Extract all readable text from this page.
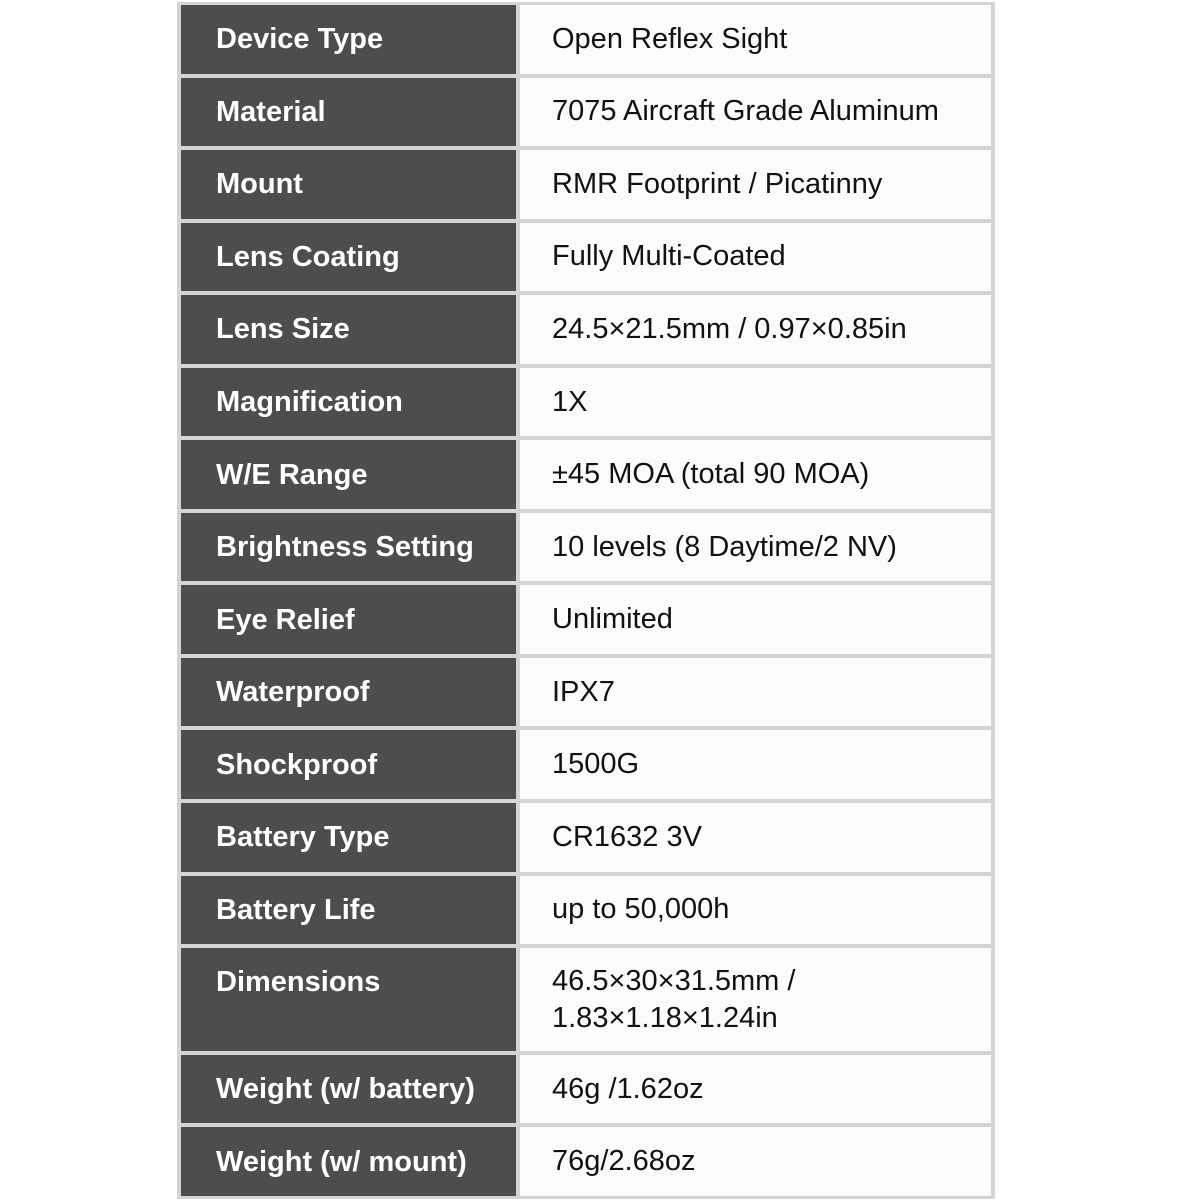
Device Type	Open Reflex Sight
Material	7075 Aircraft Grade Aluminum
Mount	RMR Footprint / Picatinny
Lens Coating	Fully Multi-Coated
Lens Size	24.5×21.5mm / 0.97×0.85in
Magnification	1X
W/E Range	±45 MOA (total 90 MOA)
Brightness Setting	10 levels (8 Daytime/2 NV)
Eye Relief	Unlimited
Waterproof	IPX7
Shockproof	1500G
Battery Type	CR1632 3V
Battery Life	up to 50,000h
Dimensions	46.5×30×31.5mm /
1.83×1.18×1.24in
Weight (w/ battery)	46g /1.62oz
Weight (w/ mount)	76g/2.68oz
